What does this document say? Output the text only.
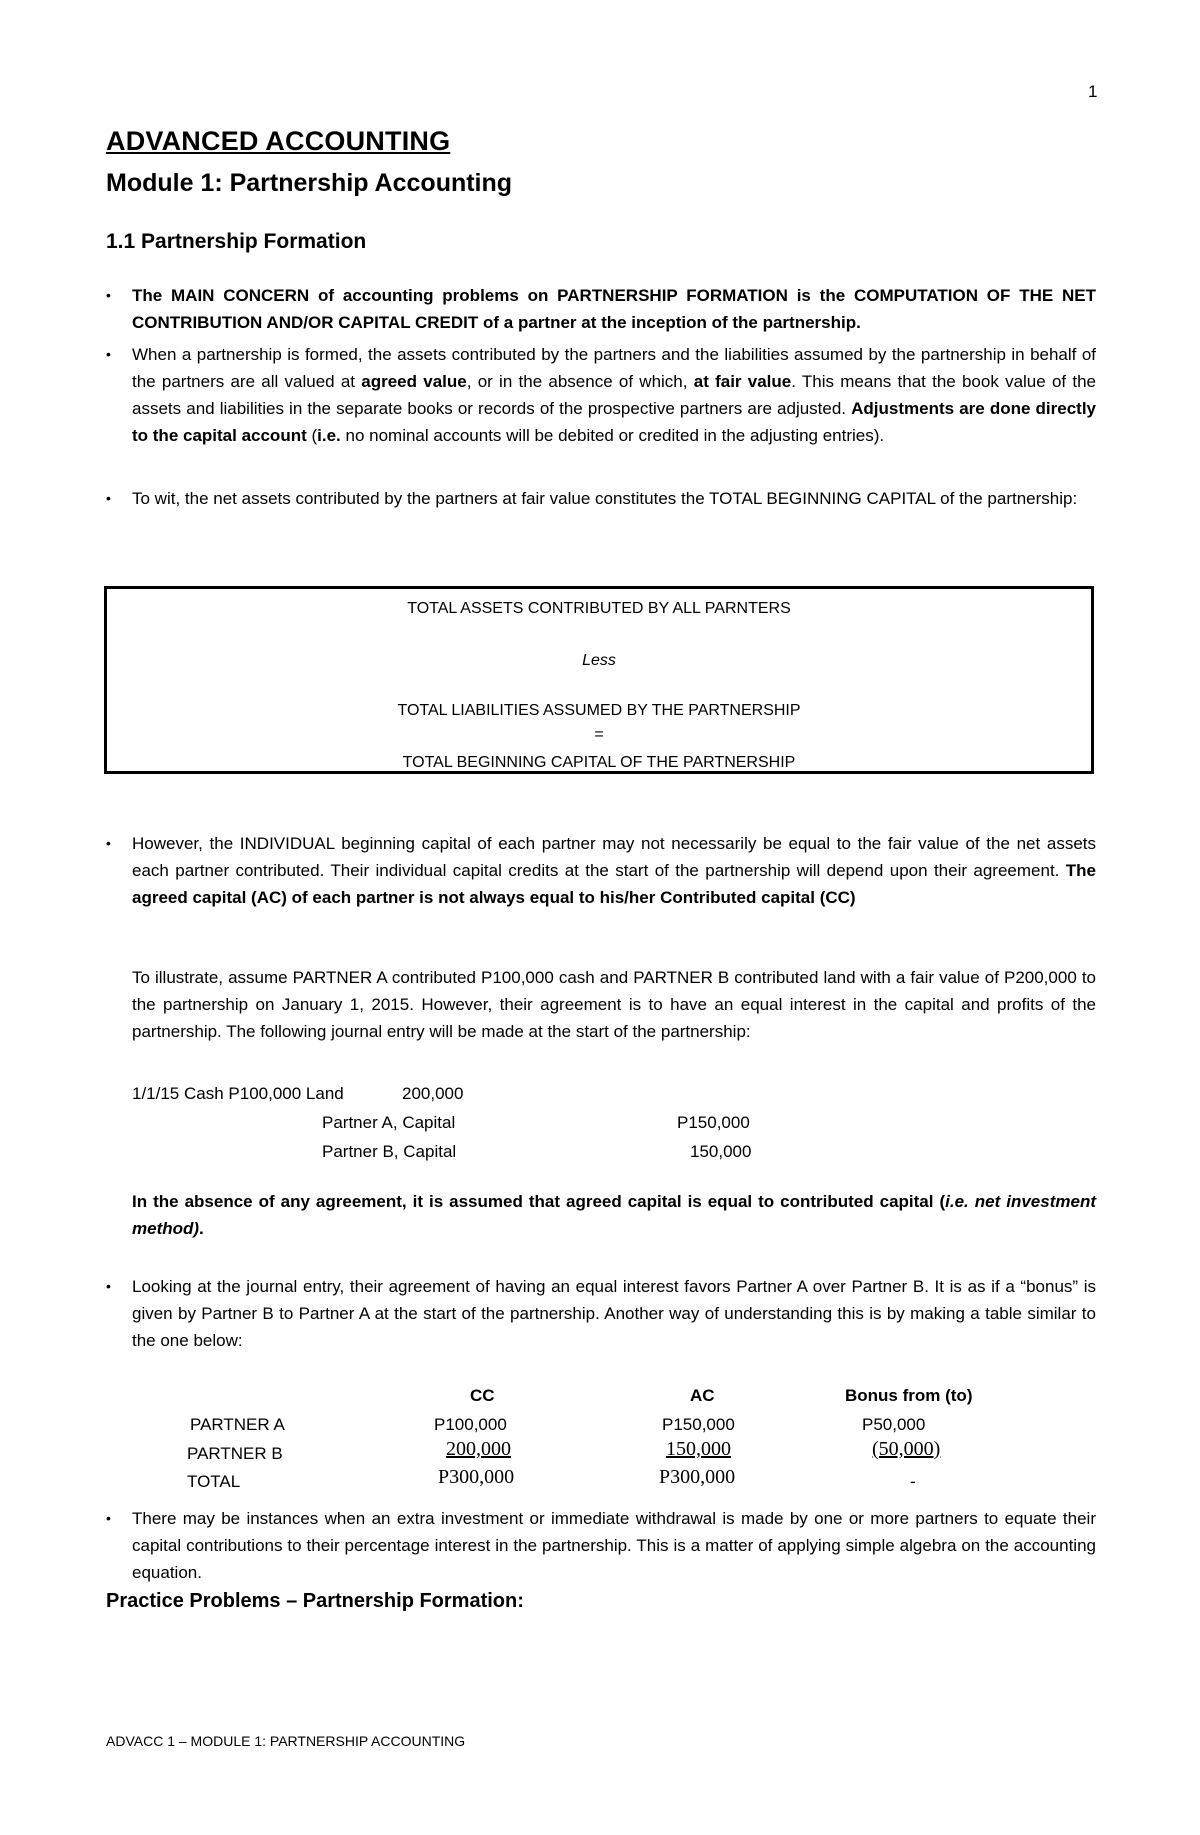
1
ADVANCED ACCOUNTING
Module 1: Partnership Accounting
1.1 Partnership Formation
• The MAIN CONCERN of accounting problems on PARTNERSHIP FORMATION is the COMPUTATION OF THE NET CONTRIBUTION AND/OR CAPITAL CREDIT of a partner at the inception of the partnership.
• When a partnership is formed, the assets contributed by the partners and the liabilities assumed by the partnership in behalf of the partners are all valued at agreed value, or in the absence of which, at fair value. This means that the book value of the assets and liabilities in the separate books or records of the prospective partners are adjusted. Adjustments are done directly to the capital account (i.e. no nominal accounts will be debited or credited in the adjusting entries).
• To wit, the net assets contributed by the partners at fair value constitutes the TOTAL BEGINNING CAPITAL of the partnership:
TOTAL ASSETS CONTRIBUTED BY ALL PARNTERS
Less
TOTAL LIABILITIES ASSUMED BY THE PARTNERSHIP
=
TOTAL BEGINNING CAPITAL OF THE PARTNERSHIP
• However, the INDIVIDUAL beginning capital of each partner may not necessarily be equal to the fair value of the net assets each partner contributed. Their individual capital credits at the start of the partnership will depend upon their agreement. The agreed capital (AC) of each partner is not always equal to his/her Contributed capital (CC)
To illustrate, assume PARTNER A contributed P100,000 cash and PARTNER B contributed land with a fair value of P200,000 to the partnership on January 1, 2015. However, their agreement is to have an equal interest in the capital and profits of the partnership. The following journal entry will be made at the start of the partnership:
1/1/15 Cash P100,000 Land	200,000
Partner A, Capital	P150,000
Partner B, Capital	150,000
In the absence of any agreement, it is assumed that agreed capital is equal to contributed capital (i.e. net investment method).
• Looking at the journal entry, their agreement of having an equal interest favors Partner A over Partner B. It is as if a “bonus” is given by Partner B to Partner A at the start of the partnership. Another way of understanding this is by making a table similar to the one below:
CC	AC	Bonus from (to)
PARTNER A	P100,000	P150,000	P50,000
PARTNER B	200,000	150,000	(50,000)
TOTAL	P300,000	P300,000	-
• There may be instances when an extra investment or immediate withdrawal is made by one or more partners to equate their capital contributions to their percentage interest in the partnership. This is a matter of applying simple algebra on the accounting equation.
Practice Problems – Partnership Formation:
ADVACC 1 – MODULE 1: PARTNERSHIP ACCOUNTING
